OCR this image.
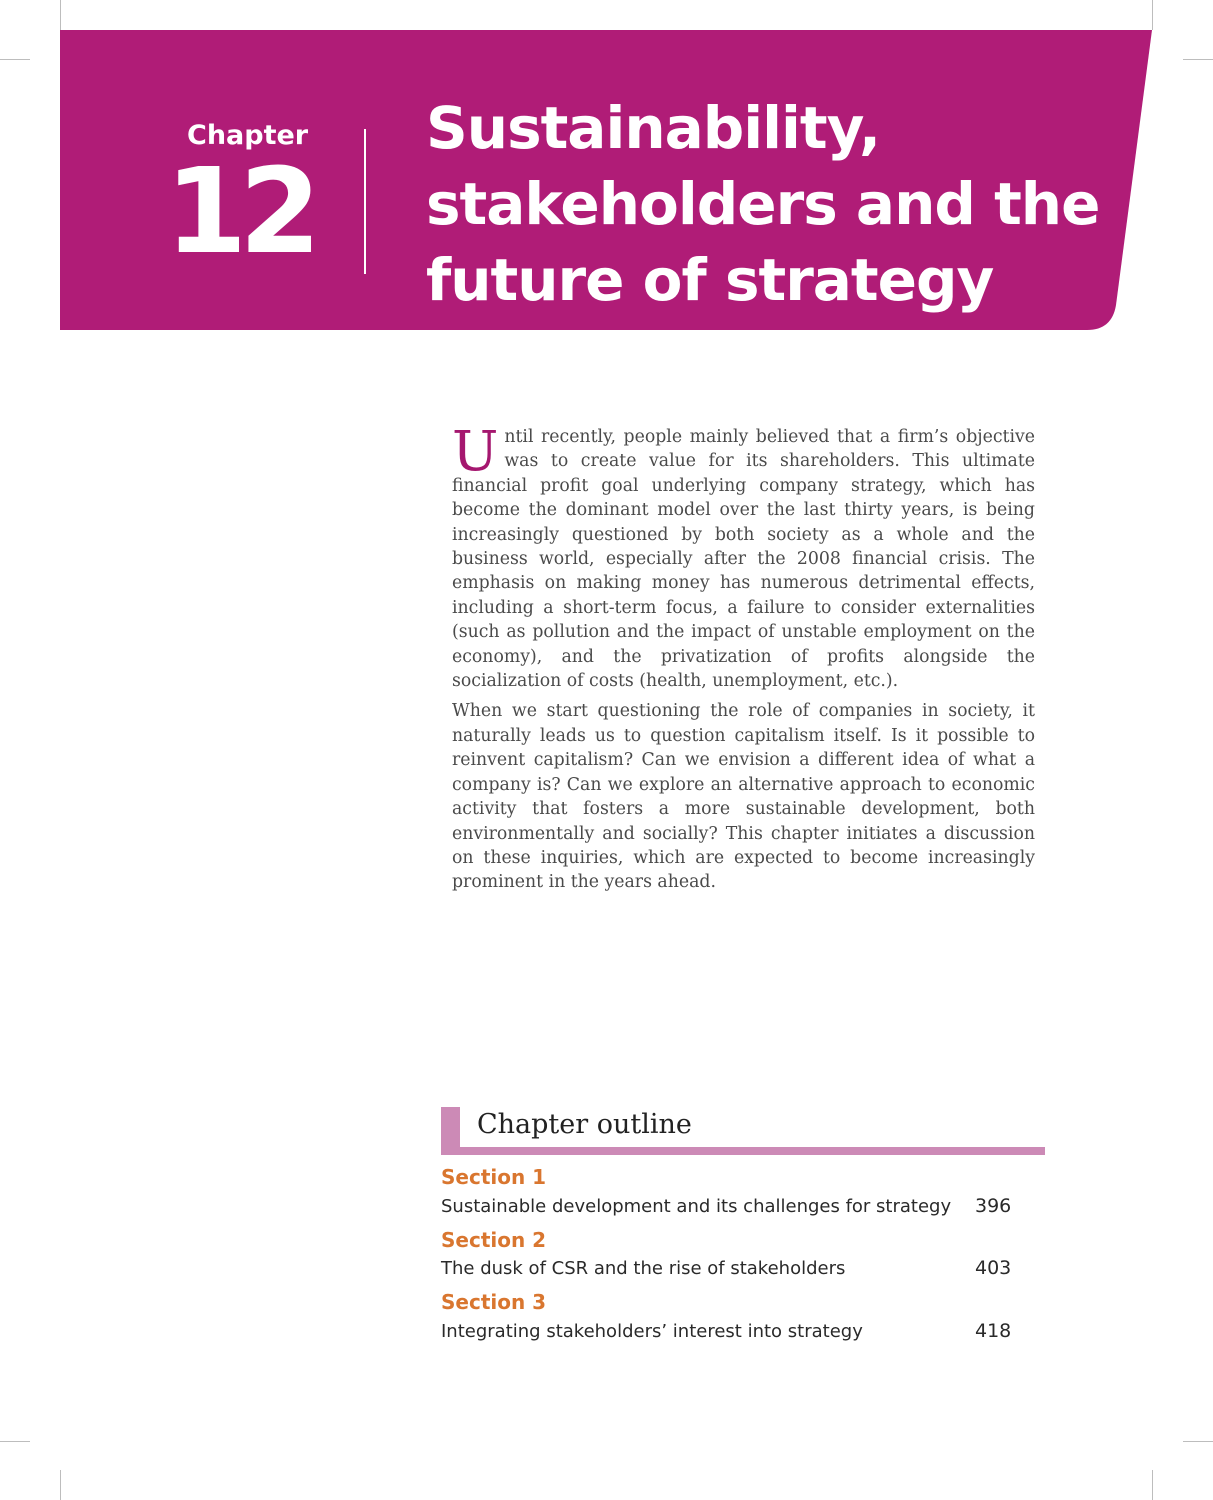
Chapter
12
Sustainability,
stakeholders and the
future of strategy

Until recently, people mainly believed that a firm’s objective was to create value for its shareholders. This ultimate financial profit goal underlying company strategy, which has become the dominant model over the last thirty years, is being increasingly questioned by both society as a whole and the business world, especially after the 2008 financial crisis. The emphasis on making money has numerous detrimental effects, including a short-term focus, a failure to consider externalities (such as pollution and the impact of unstable employment on the economy), and the privatization of profits alongside the socialization of costs (health, unemployment, etc.).

When we start questioning the role of companies in society, it naturally leads us to question capitalism itself. Is it possible to reinvent capitalism? Can we envision a different idea of what a company is? Can we explore an alternative approach to economic activity that fosters a more sustainable development, both environmentally and socially? This chapter initiates a discussion on these inquiries, which are expected to become increasingly prominent in the years ahead.

Chapter outline
Section 1
Sustainable development and its challenges for strategy 396
Section 2
The dusk of CSR and the rise of stakeholders	403
Section 3
Integrating stakeholders’ interest into strategy	418
